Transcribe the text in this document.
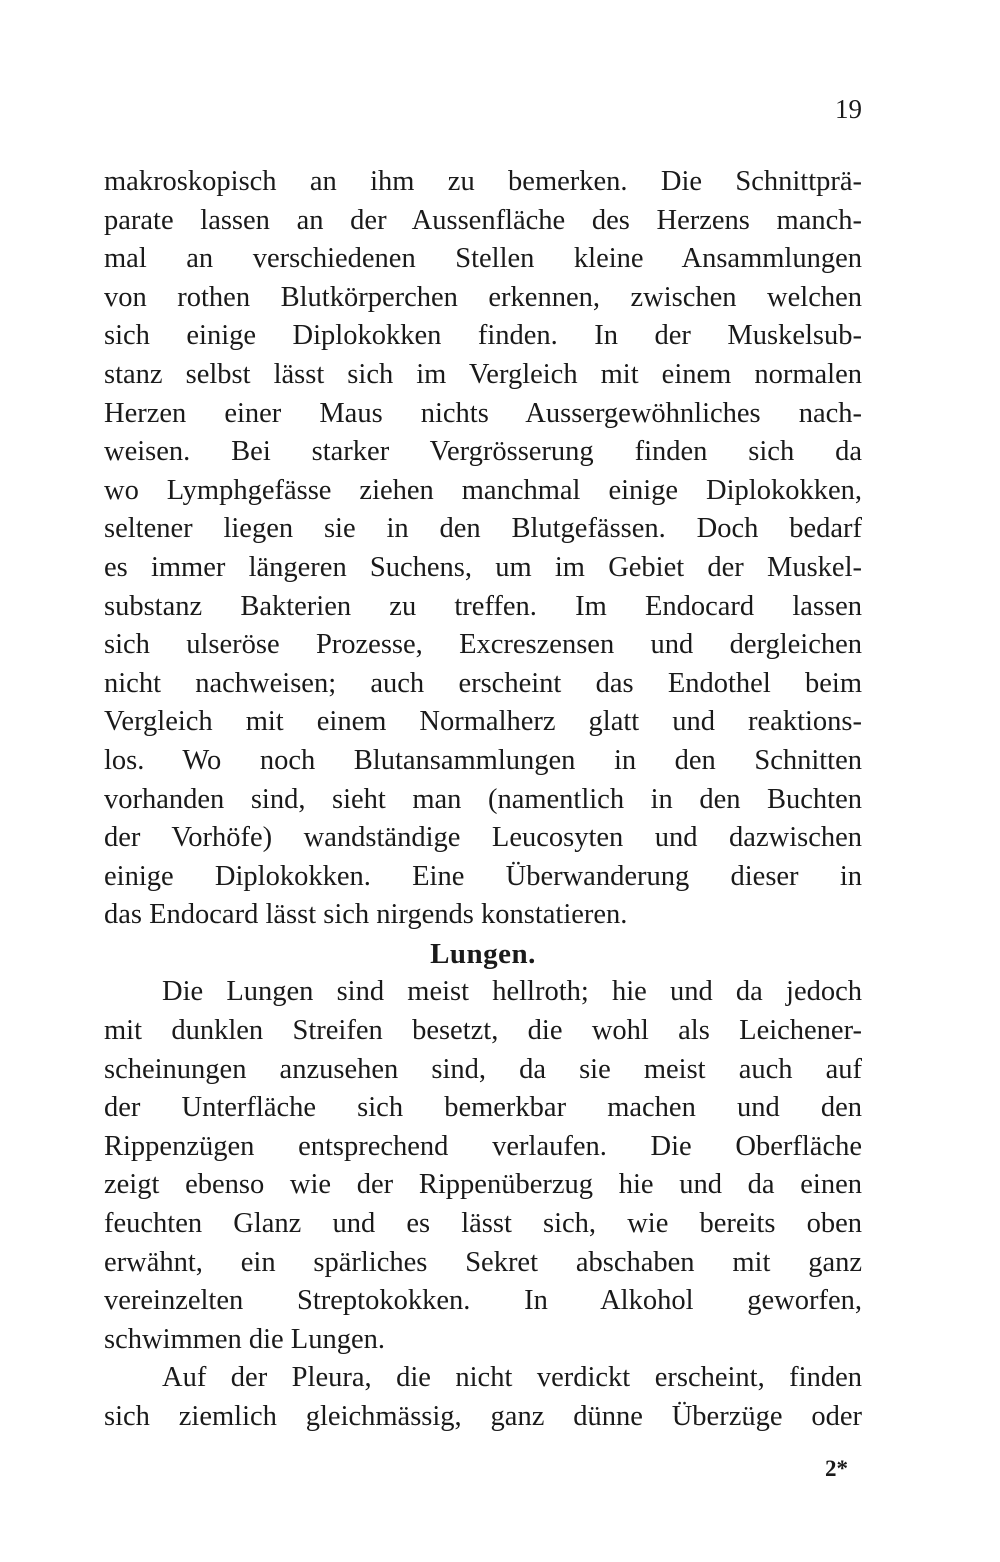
19
makroskopisch an ihm zu bemerken. Die Schnittprä-
parate lassen an der Aussenfläche des Herzens manch-
mal an verschiedenen Stellen kleine Ansammlungen
von rothen Blutkörperchen erkennen, zwischen welchen
sich einige Diplokokken finden. In der Muskelsub-
stanz selbst lässt sich im Vergleich mit einem normalen
Herzen einer Maus nichts Aussergewöhnliches nach-
weisen. Bei starker Vergrösserung finden sich da
wo Lymphgefässe ziehen manchmal einige Diplokokken,
seltener liegen sie in den Blutgefässen. Doch bedarf
es immer längeren Suchens, um im Gebiet der Muskel-
substanz Bakterien zu treffen. Im Endocard lassen
sich ulseröse Prozesse, Excreszensen und dergleichen
nicht nachweisen; auch erscheint das Endothel beim
Vergleich mit einem Normalherz glatt und reaktions-
los. Wo noch Blutansammlungen in den Schnitten
vorhanden sind, sieht man (namentlich in den Buchten
der Vorhöfe) wandständige Leucosyten und dazwischen
einige Diplokokken. Eine Überwanderung dieser in
das Endocard lässt sich nirgends konstatieren.
Lungen.
Die Lungen sind meist hellroth; hie und da jedoch
mit dunklen Streifen besetzt, die wohl als Leichener-
scheinungen anzusehen sind, da sie meist auch auf
der Unterfläche sich bemerkbar machen und den
Rippenzügen entsprechend verlaufen. Die Oberfläche
zeigt ebenso wie der Rippenüberzug hie und da einen
feuchten Glanz und es lässt sich, wie bereits oben
erwähnt, ein spärliches Sekret abschaben mit ganz
vereinzelten Streptokokken. In Alkohol geworfen,
schwimmen die Lungen.
Auf der Pleura, die nicht verdickt erscheint, finden
sich ziemlich gleichmässig, ganz dünne Überzüge oder
2*
